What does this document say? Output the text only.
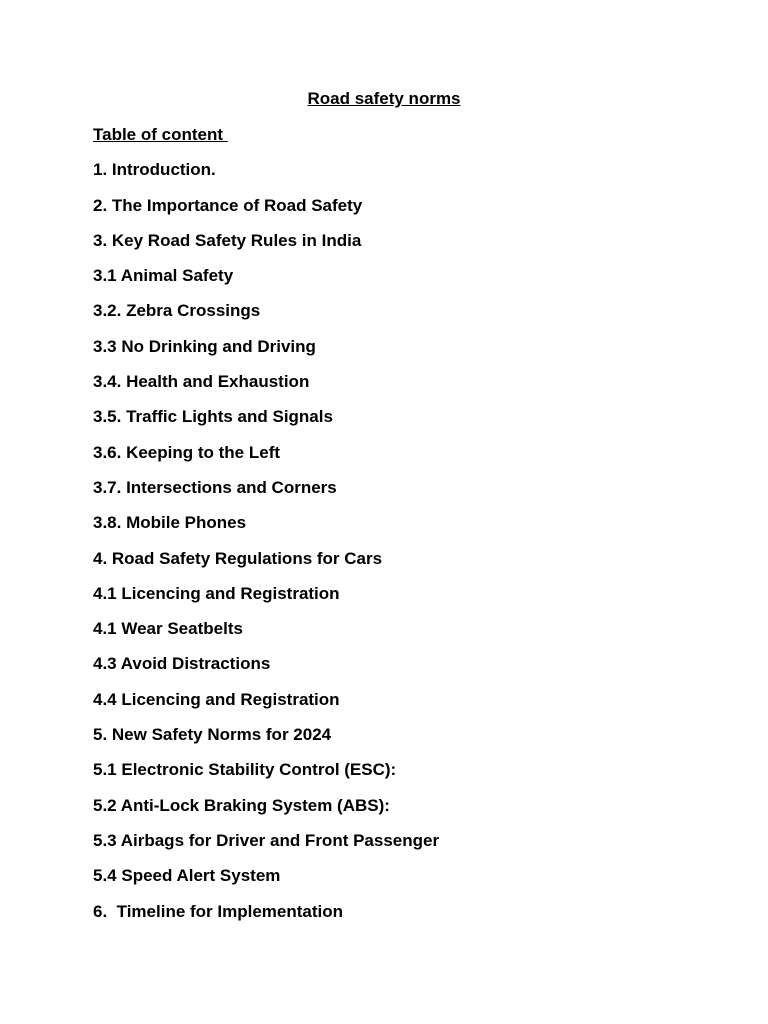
Road safety norms
Table of content
1. Introduction.
2. The Importance of Road Safety
3. Key Road Safety Rules in India
3.1 Animal Safety
3.2. Zebra Crossings
3.3 No Drinking and Driving
3.4. Health and Exhaustion
3.5. Traffic Lights and Signals
3.6. Keeping to the Left
3.7. Intersections and Corners
3.8. Mobile Phones
4. Road Safety Regulations for Cars
4.1 Licencing and Registration
4.1 Wear Seatbelts
4.3 Avoid Distractions
4.4 Licencing and Registration
5. New Safety Norms for 2024
5.1 Electronic Stability Control (ESC):
5.2 Anti-Lock Braking System (ABS):
5.3 Airbags for Driver and Front Passenger
5.4 Speed Alert System
6.  Timeline for Implementation
